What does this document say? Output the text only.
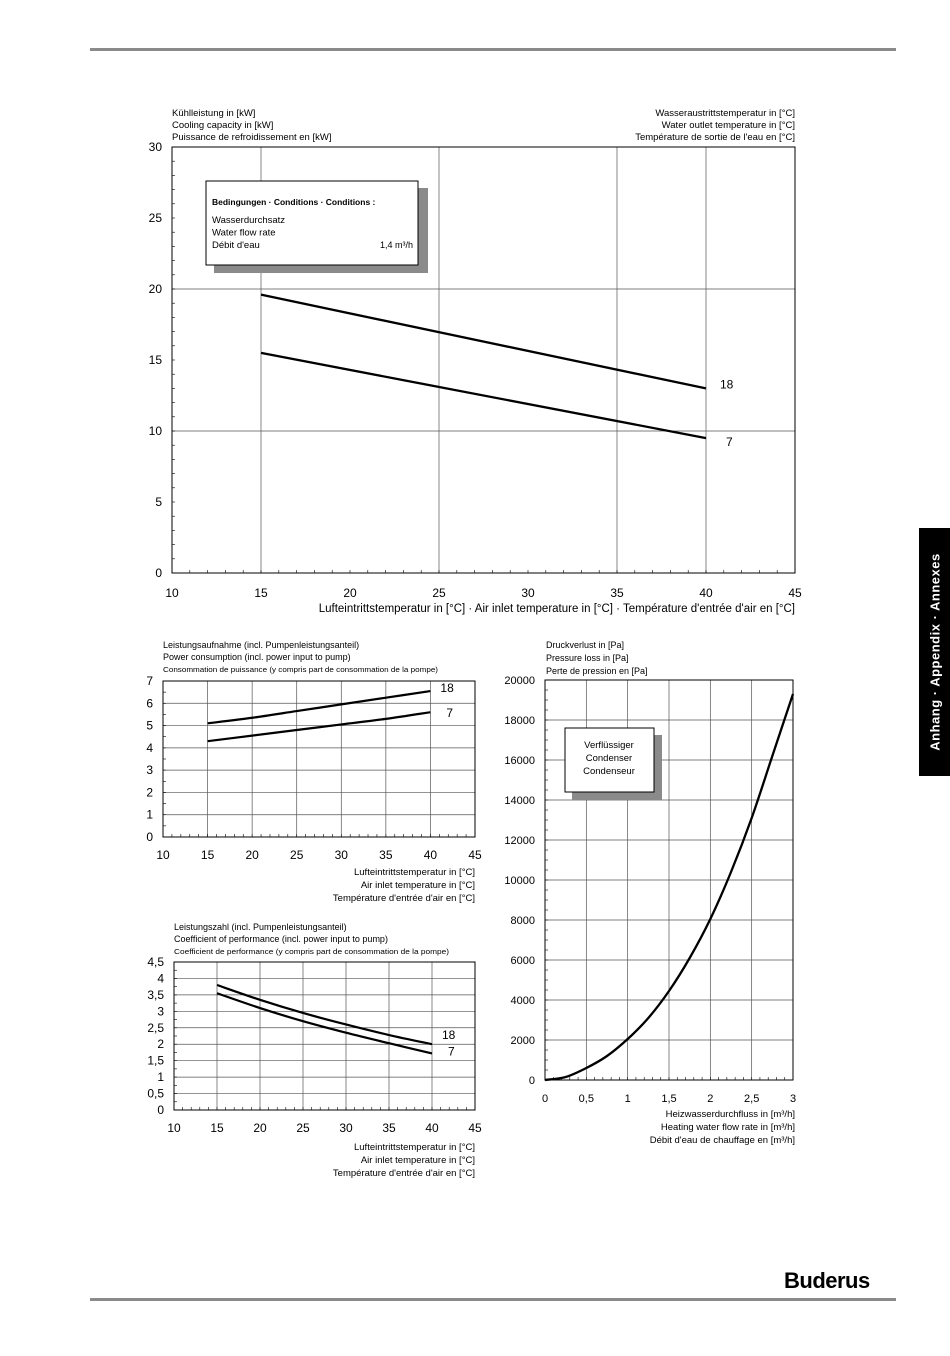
10	15	20	25	30	35	40	45
0
5
10
15
20
25
30
Kühlleistung in [kW]
Cooling capacity in [kW]
Puissance de refroidissement en [kW]
Wasseraustrittstemperatur in [°C]
Water outlet temperature in [°C]
Température de sortie de l'eau en [°C]
Lufteintrittstemperatur in [°C] · Air inlet temperature in [°C] · Température d'entrée d'air en [°C]
18
7
Bedingungen · Conditions · Conditions :
Wasserdurchsatz
Water flow rate
Débit d'eau	1,4 m³/h
10	15	20	25	30	35	40	45
0
1
2
3
4
5
6
7
Leistungsaufnahme (incl. Pumpenleistungsanteil)
Power consumption (incl. power input to pump)
Consommation de puissance (y compris part de consommation de la pompe)
Lufteintrittstemperatur in [°C]
Air inlet temperature in [°C]
Température d'entrée d'air en [°C]
18
7
10 15 20 25 30 35 40 45
0
0,5
1
1,5
2
2,5
3
3,5
4
4,5
Leistungszahl (incl. Pumpenleistungsanteil)
Coefficient of performance (incl. power input to pump)
Coefficient de performance (y compris part de consommation de la pompe)
Lufteintrittstemperatur in [°C]
Air inlet temperature in [°C]
Température d'entrée d'air en [°C]
18
7
0	0,5	1	1,5	2	2,5	3
0
2000
4000
6000
8000
10000
12000
14000
16000
18000
20000
Druckverlust in [Pa]
Pressure loss in [Pa]
Perte de pression en [Pa]
Heizwasserdurchfluss in [m³/h]
Heating water flow rate in [m³/h]
Débit d'eau de chauffage en [m³/h]
Verflüssiger
Condenser
Condenseur
Anhang · Appendix · Annexes
Buderus
